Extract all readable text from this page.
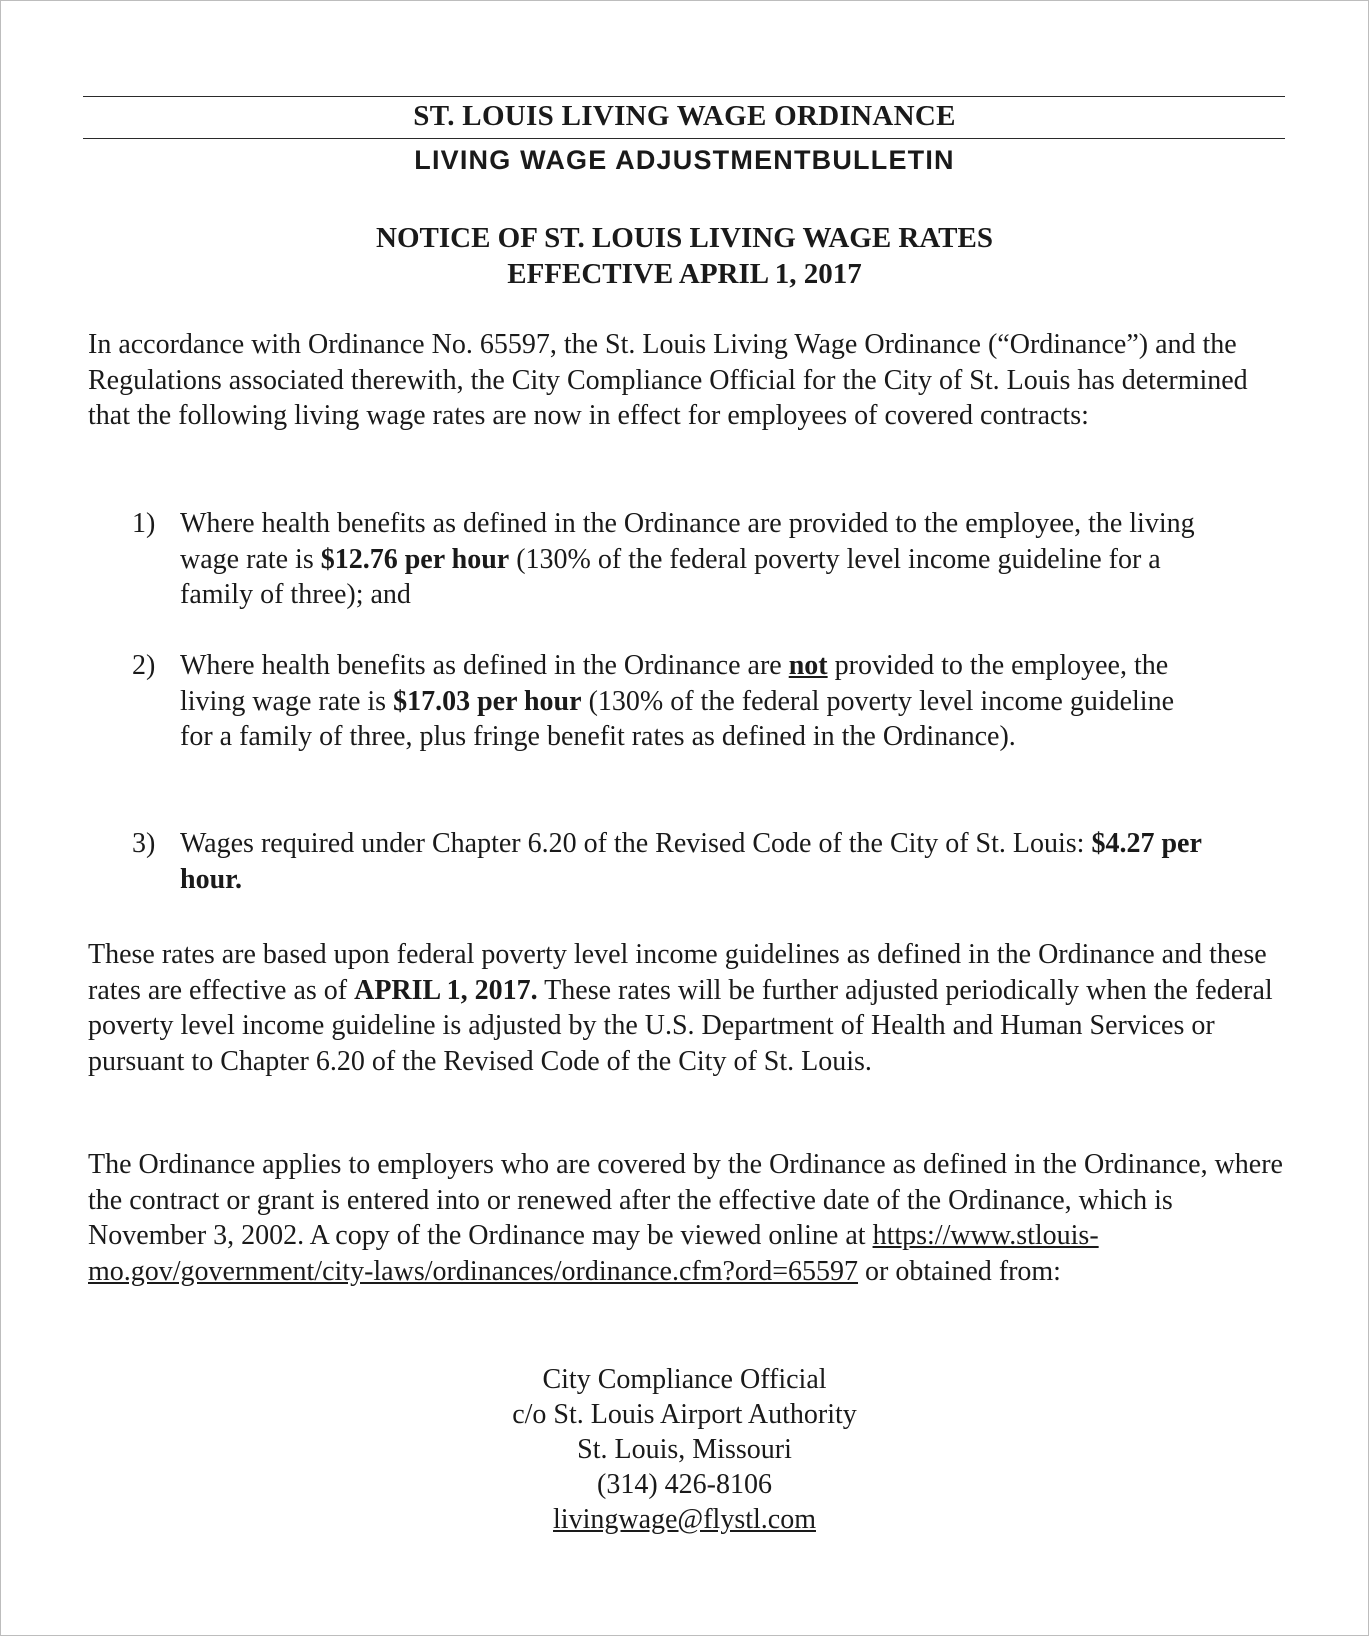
ST. LOUIS LIVING WAGE ORDINANCE
LIVING WAGE ADJUSTMENTBULLETIN
NOTICE OF ST. LOUIS LIVING WAGE RATES
EFFECTIVE APRIL 1, 2017
In accordance with Ordinance No. 65597, the St. Louis Living Wage Ordinance (“Ordinance”) and the Regulations associated therewith, the City Compliance Official for the City of St. Louis has determined that the following living wage rates are now in effect for employees of covered contracts:
1) Where health benefits as defined in the Ordinance are provided to the employee, the living wage rate is $12.76 per hour (130% of the federal poverty level income guideline for a family of three); and
2) Where health benefits as defined in the Ordinance are not provided to the employee, the living wage rate is $17.03 per hour (130% of the federal poverty level income guideline for a family of three, plus fringe benefit rates as defined in the Ordinance).
3) Wages required under Chapter 6.20 of the Revised Code of the City of St. Louis: $4.27 per hour.
These rates are based upon federal poverty level income guidelines as defined in the Ordinance and these rates are effective as of APRIL 1, 2017. These rates will be further adjusted periodically when the federal poverty level income guideline is adjusted by the U.S. Department of Health and Human Services or pursuant to Chapter 6.20 of the Revised Code of the City of St. Louis.
The Ordinance applies to employers who are covered by the Ordinance as defined in the Ordinance, where the contract or grant is entered into or renewed after the effective date of the Ordinance, which is November 3, 2002. A copy of the Ordinance may be viewed online at https://www.stlouis-mo.gov/government/city-laws/ordinances/ordinance.cfm?ord=65597 or obtained from:
City Compliance Official
c/o St. Louis Airport Authority
St. Louis, Missouri
(314) 426-8106
livingwage@flystl.com
